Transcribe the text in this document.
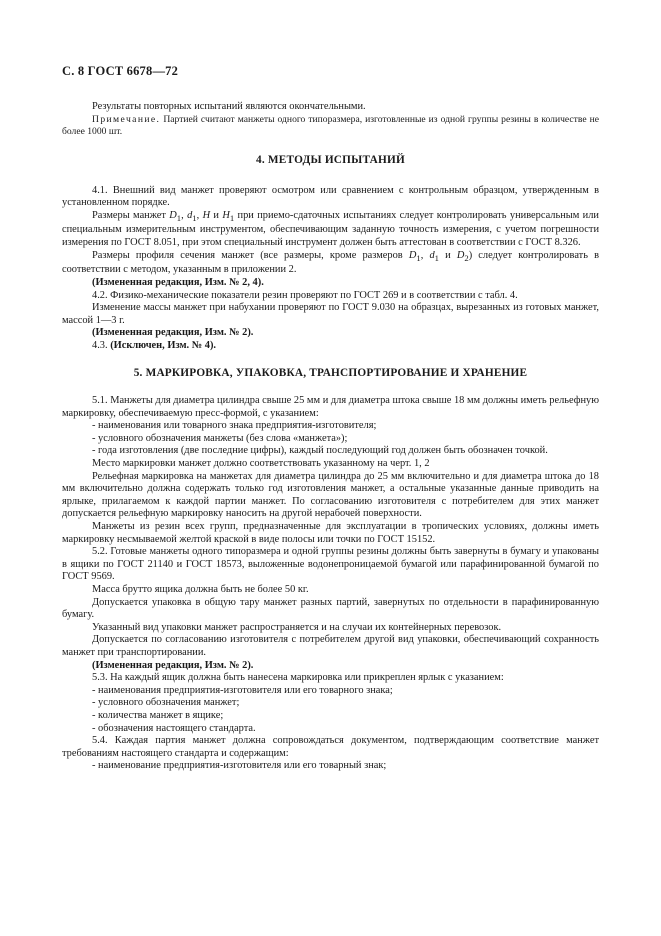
С. 8 ГОСТ 6678—72

Результаты повторных испытаний являются окончательными.

Примечание. Партией считают манжеты одного типоразмера, изготовленные из одной группы резины в количестве не более 1000 шт.

4. МЕТОДЫ ИСПЫТАНИЙ

4.1. Внешний вид манжет проверяют осмотром или сравнением с контрольным образцом, утвержденным в установленном порядке.

Размеры манжет $D_1$, $d_1$, H и $H_1$ при приемо-сдаточных испытаниях следует контролировать универсальным или специальным измерительным инструментом, обеспечивающим заданную точность измерения, с учетом погрешности измерения по ГОСТ 8.051, при этом специальный инструмент должен быть аттестован в соответствии с ГОСТ 8.326.

Размеры профиля сечения манжет (все размеры, кроме размеров $D_1$, $d_1$ и $D_2$) следует контролировать в соответствии с методом, указанным в приложении 2.

(Измененная редакция, Изм. № 2, 4).

4.2. Физико-механические показатели резин проверяют по ГОСТ 269 и в соответствии с табл. 4.

Изменение массы манжет при набухании проверяют по ГОСТ 9.030 на образцах, вырезанных из готовых манжет, массой 1—3 г.

(Измененная редакция, Изм. № 2).

4.3. (Исключен, Изм. № 4).

5. МАРКИРОВКА, УПАКОВКА, ТРАНСПОРТИРОВАНИЕ И ХРАНЕНИЕ

5.1. Манжеты для диаметра цилиндра свыше 25 мм и для диаметра штока свыше 18 мм должны иметь рельефную маркировку, обеспечиваемую пресс-формой, с указанием:

- наименования или товарного знака предприятия-изготовителя;

- условного обозначения манжеты (без слова «манжета»);

- года изготовления (две последние цифры), каждый последующий год должен быть обозначен точкой.

Место маркировки манжет должно соответствовать указанному на черт. 1, 2

Рельефная маркировка на манжетах для диаметра цилиндра до 25 мм включительно и для диаметра штока до 18 мм включительно должна содержать только год изготовления манжет, а остальные указанные данные приводить на ярлыке, прилагаемом к каждой партии манжет. По согласованию изготовителя с потребителем для этих манжет допускается рельефную маркировку наносить на другой нерабочей поверхности.

Манжеты из резин всех групп, предназначенные для эксплуатации в тропических условиях, должны иметь маркировку несмываемой желтой краской в виде полосы или точки по ГОСТ 15152.

5.2. Готовые манжеты одного типоразмера и одной группы резины должны быть завернуты в бумагу и упакованы в ящики по ГОСТ 21140 и ГОСТ 18573, выложенные водонепроницаемой бумагой или парафинированной бумагой по ГОСТ 9569.

Масса брутто ящика должна быть не более 50 кг.

Допускается упаковка в общую тару манжет разных партий, завернутых по отдельности в парафинированную бумагу.

Указанный вид упаковки манжет распространяется и на случаи их контейнерных перевозок.

Допускается по согласованию изготовителя с потребителем другой вид упаковки, обеспечивающий сохранность манжет при транспортировании.

(Измененная редакция, Изм. № 2).

5.3. На каждый ящик должна быть нанесена маркировка или прикреплен ярлык с указанием:

- наименования предприятия-изготовителя или его товарного знака;

- условного обозначения манжет;

- количества манжет в ящике;

- обозначения настоящего стандарта.

5.4. Каждая партия манжет должна сопровождаться документом, подтверждающим соответствие манжет требованиям настоящего стандарта и содержащим:

- наименование предприятия-изготовителя или его товарный знак;
